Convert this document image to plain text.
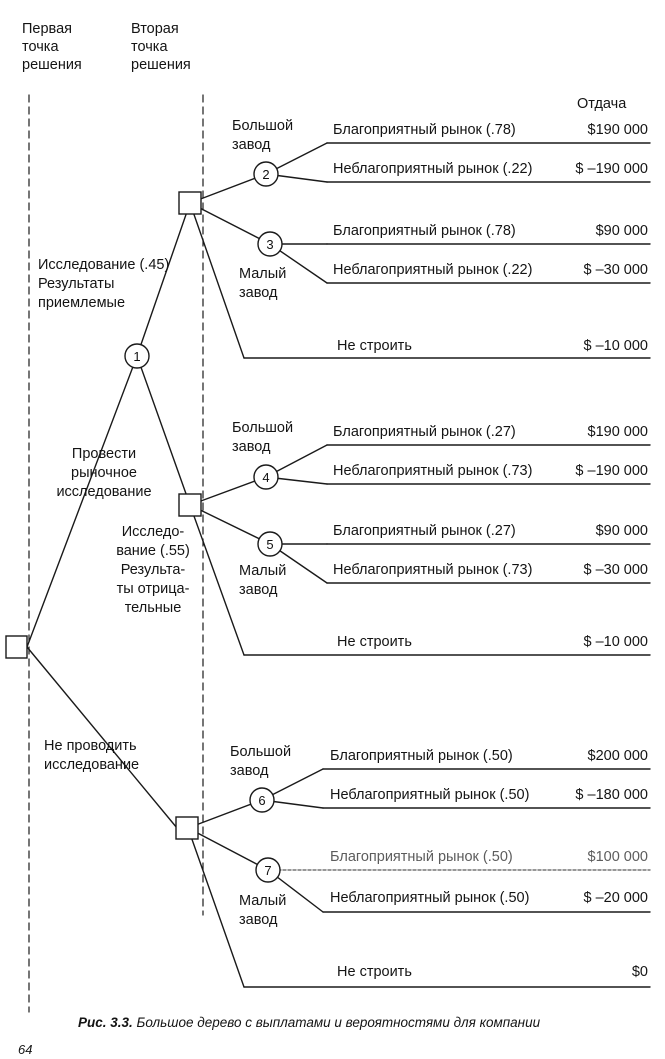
1
2
3
4
5
6
7
Первая
точка
решения
Вторая
точка
решения
Отдача
Исследование (.45)
Результаты
приемлемые
Провести
рыночное
исследование
Исследо-
вание (.55)
Результа-
ты отрица-
тельные
Не проводить
исследование
Большой
завод
Малый
завод
Благоприятный рынок (.78)	$190 000
Неблагоприятный рынок (.22)	$ –190 000
Благоприятный рынок (.78)	$90 000
Неблагоприятный рынок (.22)	$ –30 000
Не строить	$ –10 000
Большой
завод
Малый
завод
Благоприятный рынок (.27)	$190 000
Неблагоприятный рынок (.73)	$ –190 000
Благоприятный рынок (.27)	$90 000
Неблагоприятный рынок (.73)	$ –30 000
Не строить	$ –10 000
Большой
завод
Малый
завод
Благоприятный рынок (.50)	$200 000
Неблагоприятный рынок (.50)	$ –180 000
Благоприятный рынок (.50)	$100 000
Неблагоприятный рынок (.50)	$ –20 000
Не строить	$0
Рис. 3.3. Большое дерево с выплатами и вероятностями для компании
64
